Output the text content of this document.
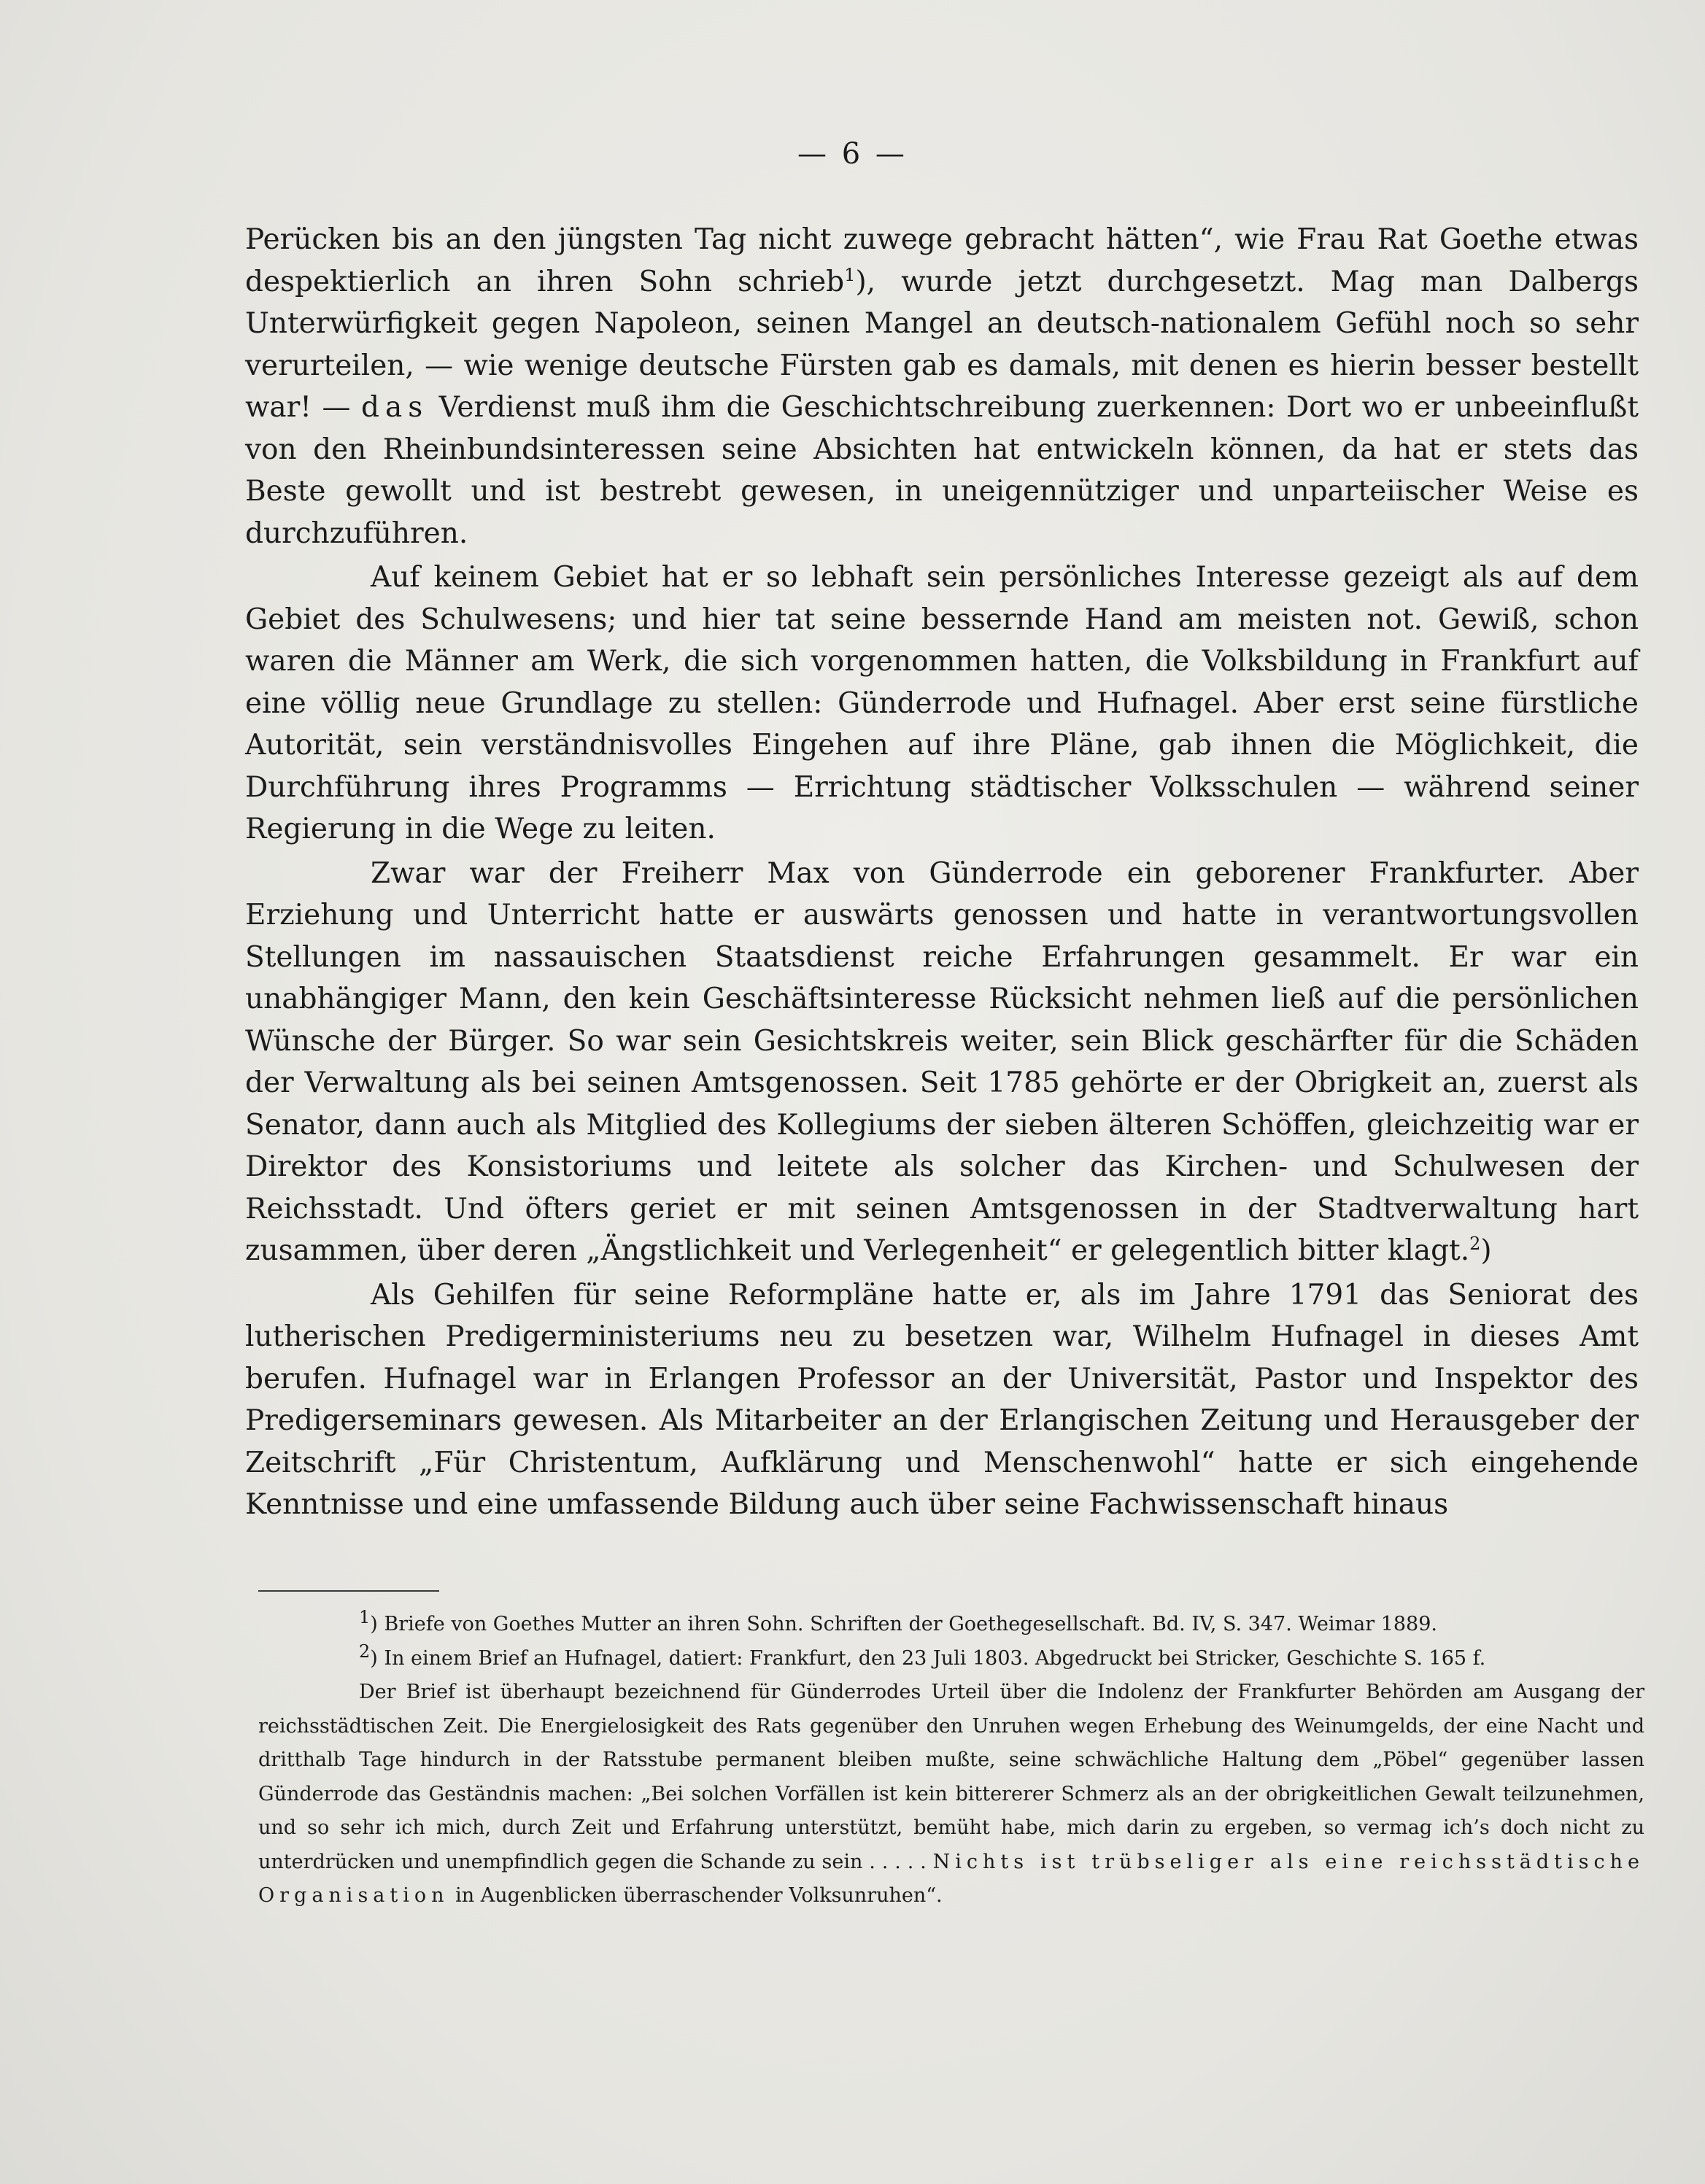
— 6 —

Perücken bis an den jüngsten Tag nicht zuwege gebracht hätten“, wie Frau Rat Goethe etwas despektierlich an ihren Sohn schrieb$^1$), wurde jetzt durchgesetzt. Mag man Dalbergs Unterwürfigkeit gegen Napoleon, seinen Mangel an deutsch-nationalem Gefühl noch so sehr verurteilen, — wie wenige deutsche Fürsten gab es damals, mit denen es hierin besser bestellt war! — das Verdienst muß ihm die Geschichtschreibung zuerkennen: Dort wo er unbeeinflußt von den Rheinbundsinteressen seine Absichten hat entwickeln können, da hat er stets das Beste gewollt und ist bestrebt gewesen, in uneigennütziger und unparteiischer Weise es durchzuführen.

Auf keinem Gebiet hat er so lebhaft sein persönliches Interesse gezeigt als auf dem Gebiet des Schulwesens; und hier tat seine bessernde Hand am meisten not. Gewiß, schon waren die Männer am Werk, die sich vorgenommen hatten, die Volksbildung in Frankfurt auf eine völlig neue Grundlage zu stellen: Günderrode und Hufnagel. Aber erst seine fürstliche Autorität, sein verständnisvolles Eingehen auf ihre Pläne, gab ihnen die Möglichkeit, die Durchführung ihres Programms — Errichtung städtischer Volksschulen — während seiner Regierung in die Wege zu leiten.

Zwar war der Freiherr Max von Günderrode ein geborener Frankfurter. Aber Erziehung und Unterricht hatte er auswärts genossen und hatte in verantwortungsvollen Stellungen im nassauischen Staatsdienst reiche Erfahrungen gesammelt. Er war ein unabhängiger Mann, den kein Geschäftsinteresse Rücksicht nehmen ließ auf die persönlichen Wünsche der Bürger. So war sein Gesichtskreis weiter, sein Blick geschärfter für die Schäden der Verwaltung als bei seinen Amtsgenossen. Seit 1785 gehörte er der Obrigkeit an, zuerst als Senator, dann auch als Mitglied des Kollegiums der sieben älteren Schöffen, gleichzeitig war er Direktor des Konsistoriums und leitete als solcher das Kirchen- und Schulwesen der Reichsstadt. Und öfters geriet er mit seinen Amtsgenossen in der Stadtverwaltung hart zusammen, über deren „Ängstlichkeit und Verlegenheit“ er gelegentlich bitter klagt.$^2$)

Als Gehilfen für seine Reformpläne hatte er, als im Jahre 1791 das Seniorat des lutherischen Predigerministeriums neu zu besetzen war, Wilhelm Hufnagel in dieses Amt berufen. Hufnagel war in Erlangen Professor an der Universität, Pastor und Inspektor des Predigerseminars gewesen. Als Mitarbeiter an der Erlangischen Zeitung und Herausgeber der Zeitschrift „Für Christentum, Aufklärung und Menschenwohl“ hatte er sich eingehende Kenntnisse und eine umfassende Bildung auch über seine Fachwissenschaft hinaus

$^1$) Briefe von Goethes Mutter an ihren Sohn. Schriften der Goethegesellschaft. Bd. IV, S. 347. Weimar 1889.

$^2$) In einem Brief an Hufnagel, datiert: Frankfurt, den 23 Juli 1803. Abgedruckt bei Stricker, Geschichte S. 165 f.

Der Brief ist überhaupt bezeichnend für Günderrodes Urteil über die Indolenz der Frankfurter Behörden am Ausgang der reichsstädtischen Zeit. Die Energielosigkeit des Rats gegenüber den Unruhen wegen Erhebung des Weinumgelds, der eine Nacht und dritthalb Tage hindurch in der Ratsstube permanent bleiben mußte, seine schwächliche Haltung dem „Pöbel“ gegenüber lassen Günderrode das Geständnis machen: „Bei solchen Vorfällen ist kein bittererer Schmerz als an der obrigkeitlichen Gewalt teilzunehmen, und so sehr ich mich, durch Zeit und Erfahrung unterstützt, bemüht habe, mich darin zu ergeben, so vermag ich’s doch nicht zu unterdrücken und unempfindlich gegen die Schande zu sein . . . . . Nichts ist trübseliger als eine reichsstädtische Organisation in Augenblicken überraschender Volksunruhen“.
